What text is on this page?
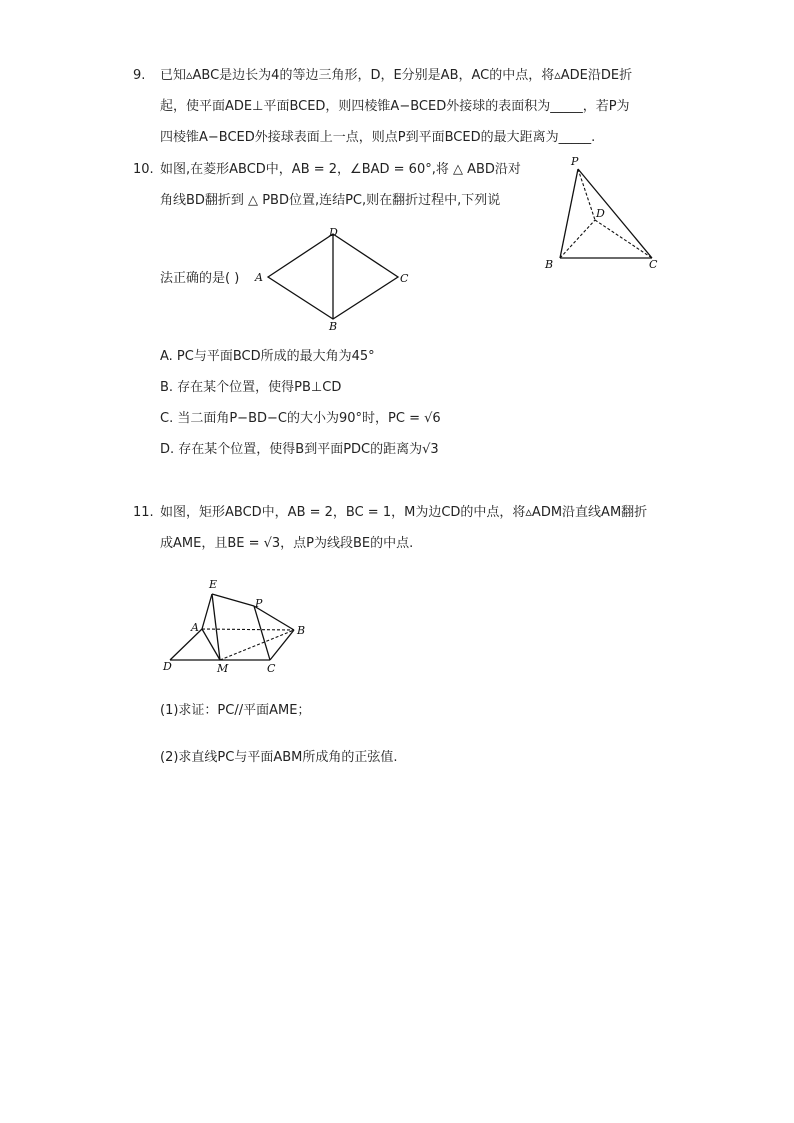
9. 已知▵ABC是边长为4的等边三角形，D，E分别是AB，AC的中点，将▵ADE沿DE折
起，使平面ADE⊥平面BCED，则四棱锥A−BCED外接球的表面积为_____，若P为
四棱锥A−BCED外接球表面上一点，则点P到平面BCED的最大距离为_____.
10. 如图,在菱形ABCD中，AB = 2，∠BAD = 60°,将 △ ABD沿对
角线BD翻折到 △ PBD位置,连结PC,则在翻折过程中,下列说
法正确的是( ) A
D
C
B
P
D
B	C
A. PC与平面BCD所成的最大角为45°
B. 存在某个位置，使得PB⊥CD
C. 当二面角P−BD−C的大小为90°时，PC = √6
D. 存在某个位置，使得B到平面PDC的距离为√3
11. 如图，矩形ABCD中，AB = 2，BC = 1，M为边CD的中点，将▵ADM沿直线AM翻折
成AME，且BE = √3，点P为线段BE的中点.
E
P
A	B
D	M	C
(1)求证：PC//平面AME；
(2)求直线PC与平面ABM所成角的正弦值.
